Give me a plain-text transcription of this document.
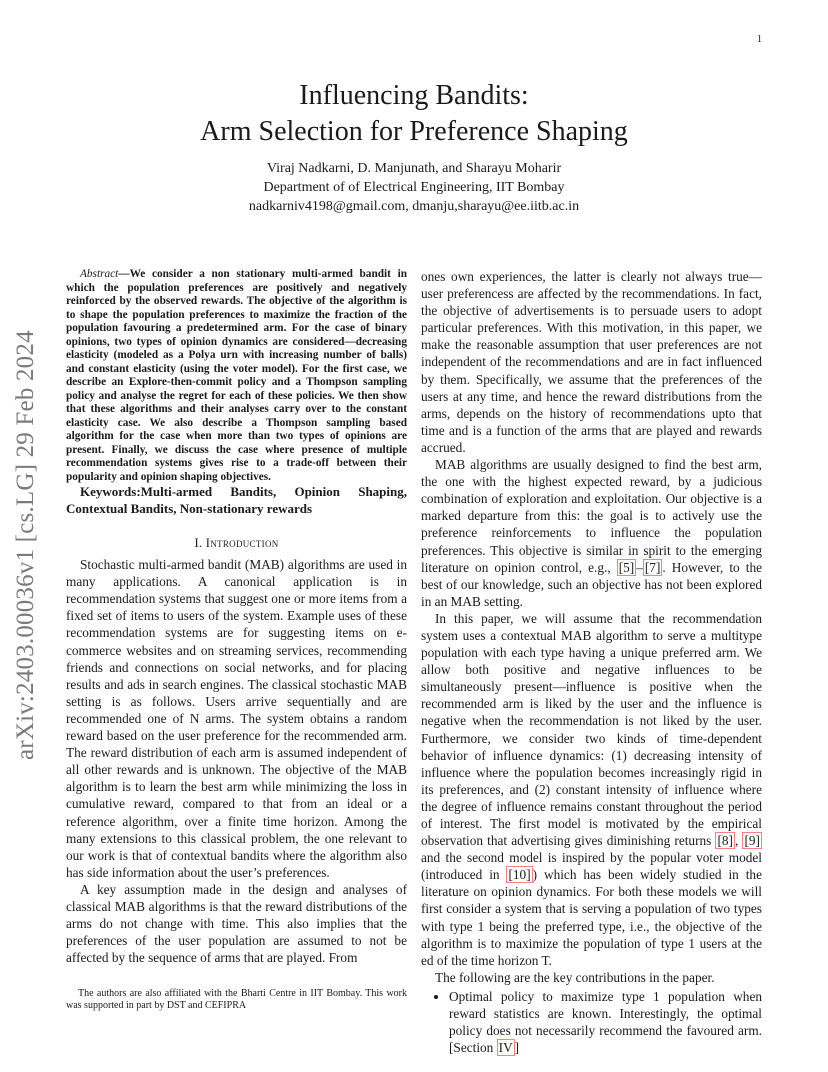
1
arXiv:2403.00036v1 [cs.LG] 29 Feb 2024
Influencing Bandits:
Arm Selection for Preference Shaping
Viraj Nadkarni, D. Manjunath, and Sharayu Moharir
Department of of Electrical Engineering, IIT Bombay
nadkarniv4198@gmail.com, dmanju,sharayu@ee.iitb.ac.in

Abstract—We consider a non stationary multi-armed bandit in which the population preferences are positively and negatively reinforced by the observed rewards. The objective of the algorithm is to shape the population preferences to maximize the fraction of the population favouring a predetermined arm. For the case of binary opinions, two types of opinion dynamics are considered—decreasing elasticity (modeled as a Polya urn with increasing number of balls) and constant elasticity (using the voter model). For the first case, we describe an Explore-then-commit policy and a Thompson sampling policy and analyse the regret for each of these policies. We then show that these algorithms and their analyses carry over to the constant elasticity case. We also describe a Thompson sampling based algorithm for the case when more than two types of opinions are present. Finally, we discuss the case where presence of multiple recommendation systems gives rise to a trade-off between their popularity and opinion shaping objectives.

Keywords:Multi-armed Bandits, Opinion Shaping, Contextual Bandits, Non-stationary rewards

I. Introduction

Stochastic multi-armed bandit (MAB) algorithms are used in many applications. A canonical application is in recommendation systems that suggest one or more items from a fixed set of items to users of the system. Example uses of these recommendation systems are for suggesting items on e-commerce websites and on streaming services, recommending friends and connections on social networks, and for placing results and ads in search engines. The classical stochastic MAB setting is as follows. Users arrive sequentially and are recommended one of N arms. The system obtains a random reward based on the user preference for the recommended arm. The reward distribution of each arm is assumed independent of all other rewards and is unknown. The objective of the MAB algorithm is to learn the best arm while minimizing the loss in cumulative reward, compared to that from an ideal or a reference algorithm, over a finite time horizon. Among the many extensions to this classical problem, the one relevant to our work is that of contextual bandits where the algorithm also has side information about the user’s preferences.

A key assumption made in the design and analyses of classical MAB algorithms is that the reward distributions of the arms do not change with time. This also implies that the preferences of the user population are assumed to not be affected by the sequence of arms that are played. From

The authors are also affiliated with the Bharti Centre in IIT Bombay. This work was supported in part by DST and CEFIPRA

ones own experiences, the latter is clearly not always true—user preferencess are affected by the recommendations. In fact, the objective of advertisements is to persuade users to adopt particular preferences. With this motivation, in this paper, we make the reasonable assumption that user preferences are not independent of the recommendations and are in fact influenced by them. Specifically, we assume that the preferences of the users at any time, and hence the reward distributions from the arms, depends on the history of recommendations upto that time and is a function of the arms that are played and rewards accrued.

MAB algorithms are usually designed to find the best arm, the one with the highest expected reward, by a judicious combination of exploration and exploitation. Our objective is a marked departure from this: the goal is to actively use the preference reinforcements to influence the population preferences. This objective is similar in spirit to the emerging literature on opinion control, e.g., [5] – [7] . However, to the best of our knowledge, such an objective has not been explored in an MAB setting.

In this paper, we will assume that the recommendation system uses a contextual MAB algorithm to serve a multitype population with each type having a unique preferred arm. We allow both positive and negative influences to be simultaneously present—influence is positive when the recommended arm is liked by the user and the influence is negative when the recommendation is not liked by the user. Furthermore, we consider two kinds of time-dependent behavior of influence dynamics: (1) decreasing intensity of influence where the population becomes increasingly rigid in its preferences, and (2) constant intensity of influence where the degree of influence remains constant throughout the period of interest. The first model is motivated by the empirical observation that advertising gives diminishing returns [8] , [9] and the second model is inspired by the popular voter model (introduced in [10] ) which has been widely studied in the literature on opinion dynamics. For both these models we will first consider a system that is serving a population of two types with type 1 being the preferred type, i.e., the objective of the algorithm is to maximize the population of type 1 users at the ed of the time horizon T.

The following are the key contributions in the paper.

• Optimal policy to maximize type 1 population when reward statistics are known. Interestingly, the optimal policy does not necessarily recommend the favoured arm. [Section IV ]
